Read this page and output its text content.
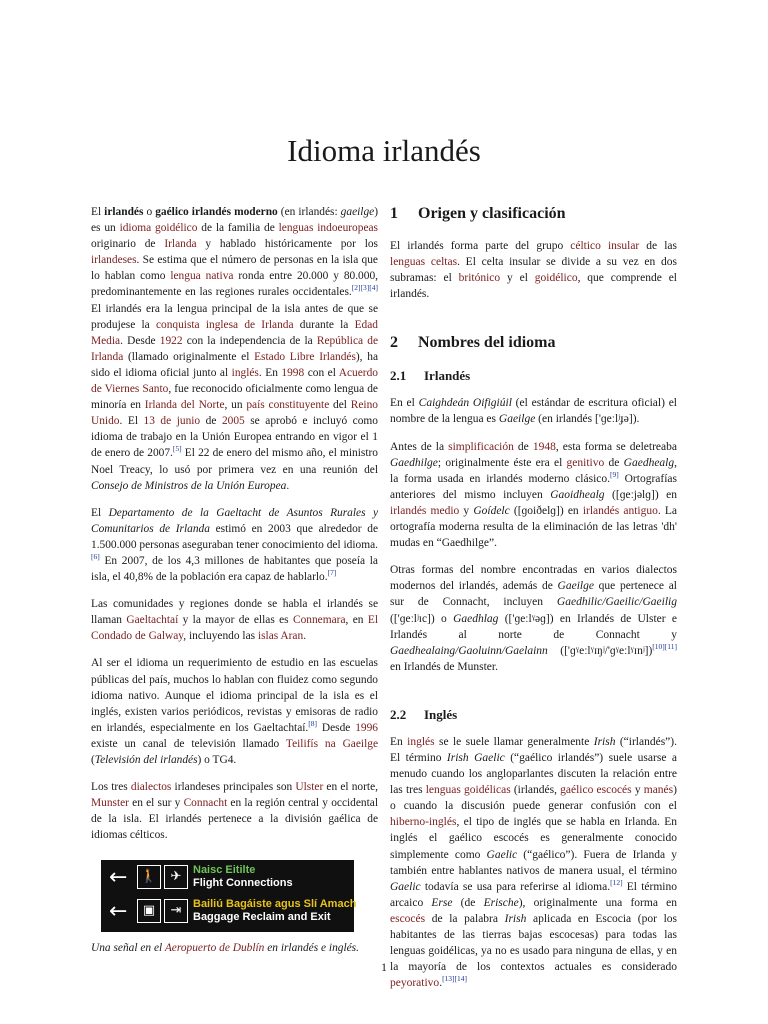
Idioma irlandés

El irlandés o gaélico irlandés moderno (en irlandés: gaeilge) es un idioma goidélico de la familia de lenguas indoeuropeas originario de Irlanda y hablado históricamente por los irlandeses. Se estima que el número de personas en la isla que lo hablan como lengua nativa ronda entre 20.000 y 80.000, predominantemente en las regiones rurales occidentales.[2][3][4] El irlandés era la lengua principal de la isla antes de que se produjese la conquista inglesa de Irlanda durante la Edad Media. Desde 1922 con la independencia de la República de Irlanda (llamado originalmente el Estado Libre Irlandés), ha sido el idioma oficial junto al inglés. En 1998 con el Acuerdo de Viernes Santo, fue reconocido oficialmente como lengua de minoría en Irlanda del Norte, un país constituyente del Reino Unido. El 13 de junio de 2005 se aprobó e incluyó como idioma de trabajo en la Unión Europea entrando en vigor el 1 de enero de 2007.[5] El 22 de enero del mismo año, el ministro Noel Treacy, lo usó por primera vez en una reunión del Consejo de Ministros de la Unión Europea.

El Departamento de la Gaeltacht de Asuntos Rurales y Comunitarios de Irlanda estimó en 2003 que alrededor de 1.500.000 personas aseguraban tener conocimiento del idioma.[6] En 2007, de los 4,3 millones de habitantes que poseía la isla, el 40,8% de la población era capaz de hablarlo.[7]

Las comunidades y regiones donde se habla el irlandés se llaman Gaeltachtaí y la mayor de ellas es Connemara, en El Condado de Galway, incluyendo las islas Aran.

Al ser el idioma un requerimiento de estudio en las escuelas públicas del país, muchos lo hablan con fluidez como segundo idioma nativo. Aunque el idioma principal de la isla es el inglés, existen varios periódicos, revistas y emisoras de radio en irlandés, especialmente en los Gaeltachtaí.[8] Desde 1996 existe un canal de televisión llamado Teilifís na Gaeilge (Televisión del irlandés) o TG4.

Los tres dialectos irlandeses principales son Ulster en el norte, Munster en el sur y Connacht en la región central y occidental de la isla. El irlandés pertenece a la división gaélica de idiomas célticos.

←	🚶	✈	Naisc Eitilte
Flight Connections
←	▣	⇥	Bailiú Bagáiste agus Slí Amach
Baggage Reclaim and Exit

Una señal en el Aeropuerto de Dublín en irlandés e inglés.

1 Origen y clasificación

El irlandés forma parte del grupo céltico insular de las lenguas celtas. El celta insular se divide a su vez en dos subramas: el britónico y el goidélico, que comprende el irlandés.

2 Nombres del idioma
2.1 Irlandés

En el Caighdeán Oifigiúil (el estándar de escritura oficial) el nombre de la lengua es Gaeilge (en irlandés ['ɡeːlʲɟə]).

Antes de la simplificación de 1948, esta forma se deletreaba Gaedhilge; originalmente éste era el genitivo de Gaedhealg, la forma usada en irlandés moderno clásico.[9] Ortografías anteriores del mismo incluyen Gaoidhealg ([ɡeːjəlɡ]) en irlandés medio y Goídelc ([ɡoiðelɡ]) en irlandés antiguo. La ortografía moderna resulta de la eliminación de las letras 'dh' mudas en “Gaedhilge”.

Otras formas del nombre encontradas en varios dialectos modernos del irlandés, además de Gaeilge que pertenece al sur de Connacht, incluyen Gaedhilic/Gaeilic/Gaeilig (['ɡeːlʲɪc]) o Gaedhlag (['ɡeːlˠəɡ]) en Irlandés de Ulster e Irlandés al norte de Connacht y Gaedhealaing/Gaoluinn/Gaelainn (['ɡˠeːlˠɪŋʲ/'ɡˠeːlˠɪnʲ])[10][11] en Irlandés de Munster.

2.2 Inglés

En inglés se le suele llamar generalmente Irish (“irlandés”). El término Irish Gaelic (“gaélico irlandés”) suele usarse a menudo cuando los angloparlantes discuten la relación entre las tres lenguas goidélicas (irlandés, gaélico escocés y manés) o cuando la discusión puede generar confusión con el hiberno-inglés, el tipo de inglés que se habla en Irlanda. En inglés el gaélico escocés es generalmente conocido simplemente como Gaelic (“gaélico”). Fuera de Irlanda y también entre hablantes nativos de manera usual, el término Gaelic todavía se usa para referirse al idioma.[12] El término arcaico Erse (de Erische), originalmente una forma en escocés de la palabra Irish aplicada en Escocia (por los habitantes de las tierras bajas escocesas) para todas las lenguas goidélicas, ya no es usado para ninguna de ellas, y en la mayoría de los contextos actuales es considerado peyorativo.[13][14]

1
